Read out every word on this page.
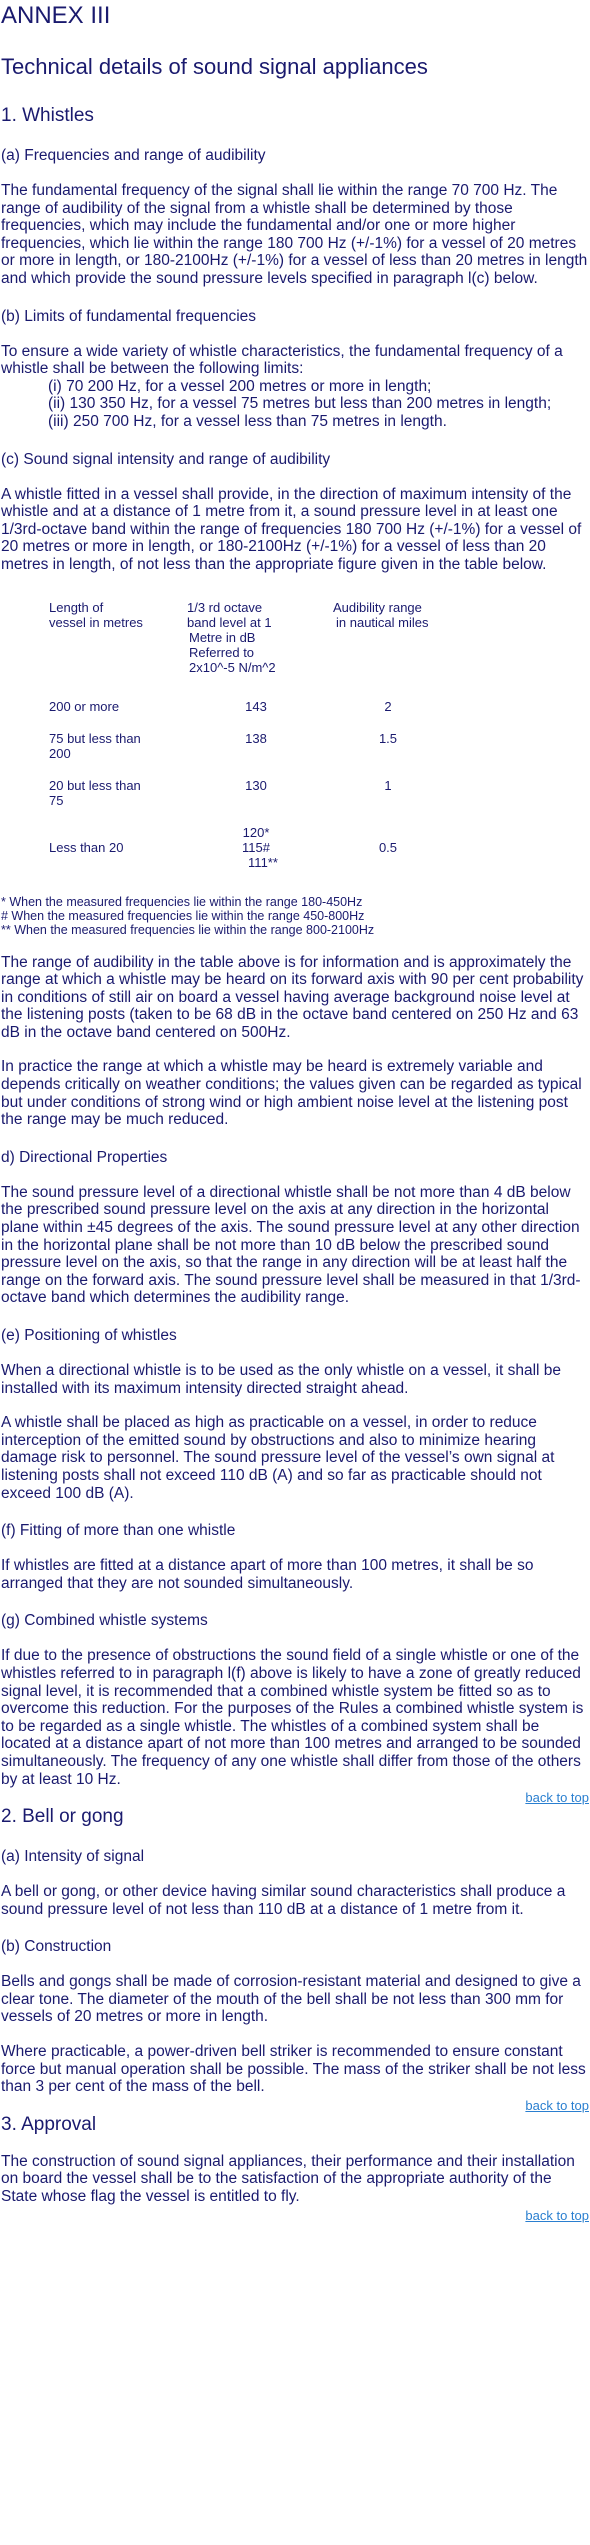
ANNEX III
Technical details of sound signal appliances
1. Whistles
(a) Frequencies and range of audibility

The fundamental frequency of the signal shall lie within the range 70 700 Hz. The range of audibility of the signal from a whistle shall be determined by those frequencies, which may include the fundamental and/or one or more higher frequencies, which lie within the range 180 700 Hz (+/-1%) for a vessel of 20 metres or more in length, or 180-2100Hz (+/-1%) for a vessel of less than 20 metres in length and which provide the sound pressure levels specified in paragraph l(c) below.

(b) Limits of fundamental frequencies

To ensure a wide variety of whistle characteristics, the fundamental frequency of a whistle shall be between the following limits:

(i) 70 200 Hz, for a vessel 200 metres or more in length;
(ii) 130 350 Hz, for a vessel 75 metres but less than 200 metres in length;
(iii) 250 700 Hz, for a vessel less than 75 metres in length.
(c) Sound signal intensity and range of audibility

A whistle fitted in a vessel shall provide, in the direction of maximum intensity of the whistle and at a distance of 1 metre from it, a sound pressure level in at least one 1/3rd-octave band within the range of frequencies 180 700 Hz (+/-1%) for a vessel of 20 metres or more in length, or 180-2100Hz (+/-1%) for a vessel of less than 20 metres in length, of not less than the appropriate figure given in the table below.

Length of
vessel in metres	1/3 rd octave
band level at 1
Metre in dB
Referred to
2x10^-5 N/m^2	Audibility range
in nautical miles

200 or more	143	2

75 but less than
200	138	1.5

20 but less than
75	130	1

Less than 20	120*
115#
111**	0.5
* When the measured frequencies lie within the range 180-450Hz
# When the measured frequencies lie within the range 450-800Hz
** When the measured frequencies lie within the range 800-2100Hz

The range of audibility in the table above is for information and is approximately the range at which a whistle may be heard on its forward axis with 90 per cent probability in conditions of still air on board a vessel having average background noise level at the listening posts (taken to be 68 dB in the octave band centered on 250 Hz and 63 dB in the octave band centered on 500Hz.

In practice the range at which a whistle may be heard is extremely variable and depends critically on weather conditions; the values given can be regarded as typical but under conditions of strong wind or high ambient noise level at the listening post the range may be much reduced.

d) Directional Properties

The sound pressure level of a directional whistle shall be not more than 4 dB below the prescribed sound pressure level on the axis at any direction in the horizontal plane within ±45 degrees of the axis. The sound pressure level at any other direction in the horizontal plane shall be not more than 10 dB below the prescribed sound pressure level on the axis, so that the range in any direction will be at least half the range on the forward axis. The sound pressure level shall be measured in that 1/3rd-octave band which determines the audibility range.

(e) Positioning of whistles

When a directional whistle is to be used as the only whistle on a vessel, it shall be installed with its maximum intensity directed straight ahead.

A whistle shall be placed as high as practicable on a vessel, in order to reduce interception of the emitted sound by obstructions and also to minimize hearing damage risk to personnel. The sound pressure level of the vessel’s own signal at listening posts shall not exceed 110 dB (A) and so far as practicable should not exceed 100 dB (A).

(f) Fitting of more than one whistle

If whistles are fitted at a distance apart of more than 100 metres, it shall be so arranged that they are not sounded simultaneously.

(g) Combined whistle systems

If due to the presence of obstructions the sound field of a single whistle or one of the whistles referred to in paragraph l(f) above is likely to have a zone of greatly reduced signal level, it is recommended that a combined whistle system be fitted so as to overcome this reduction. For the purposes of the Rules a combined whistle system is to be regarded as a single whistle. The whistles of a combined system shall be located at a distance apart of not more than 100 metres and arranged to be sounded simultaneously. The frequency of any one whistle shall differ from those of the others by at least 10 Hz.

back to top
2. Bell or gong
(a) Intensity of signal

A bell or gong, or other device having similar sound characteristics shall produce a sound pressure level of not less than 110 dB at a distance of 1 metre from it.

(b) Construction

Bells and gongs shall be made of corrosion-resistant material and designed to give a clear tone. The diameter of the mouth of the bell shall be not less than 300 mm for vessels of 20 metres or more in length.

Where practicable, a power-driven bell striker is recommended to ensure constant force but manual operation shall be possible. The mass of the striker shall be not less than 3 per cent of the mass of the bell.

back to top
3. Approval

The construction of sound signal appliances, their performance and their installation on board the vessel shall be to the satisfaction of the appropriate authority of the State whose flag the vessel is entitled to fly.

back to top
